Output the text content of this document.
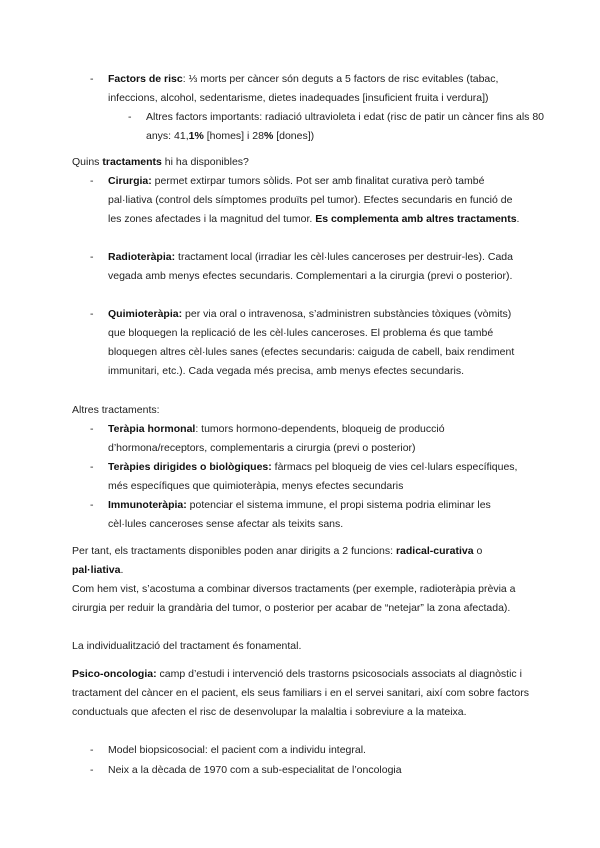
-	Factors de risc: ⅓ morts per càncer són deguts a 5 factors de risc evitables (tabac, infeccions, alcohol, sedentarisme, dietes inadequades [insuficient fruita i verdura])
-	Altres factors importants: radiació ultravioleta i edat (risc de patir un càncer fins als 80 anys: 41,1% [homes] i 28% [dones])
Quins tractaments hi ha disponibles?
-	Cirurgia: permet extirpar tumors sòlids. Pot ser amb finalitat curativa però també pal·liativa (control dels símptomes produïts pel tumor). Efectes secundaris en funció de les zones afectades i la magnitud del tumor. Es complementa amb altres tractaments.
-	Radioteràpia: tractament local (irradiar les cèl·lules canceroses per destruir-les). Cada vegada amb menys efectes secundaris. Complementari a la cirurgia (previ o posterior).
-	Quimioteràpia: per via oral o intravenosa, s’administren substàncies tòxiques (vòmits) que bloquegen la replicació de les cèl·lules canceroses. El problema és que també bloquegen altres cèl·lules sanes (efectes secundaris: caiguda de cabell, baix rendiment immunitari, etc.). Cada vegada més precisa, amb menys efectes secundaris.
Altres tractaments:
-	Teràpia hormonal: tumors hormono-dependents, bloqueig de producció d’hormona/receptors, complementaris a cirurgia (previ o posterior)
-	Teràpies dirigides o biològiques: fàrmacs pel bloqueig de vies cel·lulars específiques, més específiques que quimioteràpia, menys efectes secundaris
-	Immunoteràpia: potenciar el sistema immune, el propi sistema podria eliminar les cèl·lules canceroses sense afectar als teixits sans.
Per tant, els tractaments disponibles poden anar dirigits a 2 funcions: radical-curativa o pal·liativa.
Com hem vist, s’acostuma a combinar diversos tractaments (per exemple, radioteràpia prèvia a cirurgia per reduir la grandària del tumor, o posterior per acabar de “netejar” la zona afectada).
La individualització del tractament és fonamental.
Psico-oncologia: camp d’estudi i intervenció dels trastorns psicosocials associats al diagnòstic i tractament del càncer en el pacient, els seus familiars i en el servei sanitari, així com sobre factors conductuals que afecten el risc de desenvolupar la malaltia i sobreviure a la mateixa.
-	Model biopsicosocial: el pacient com a individu integral.
-	Neix a la dècada de 1970 com a sub-especialitat de l’oncologia
